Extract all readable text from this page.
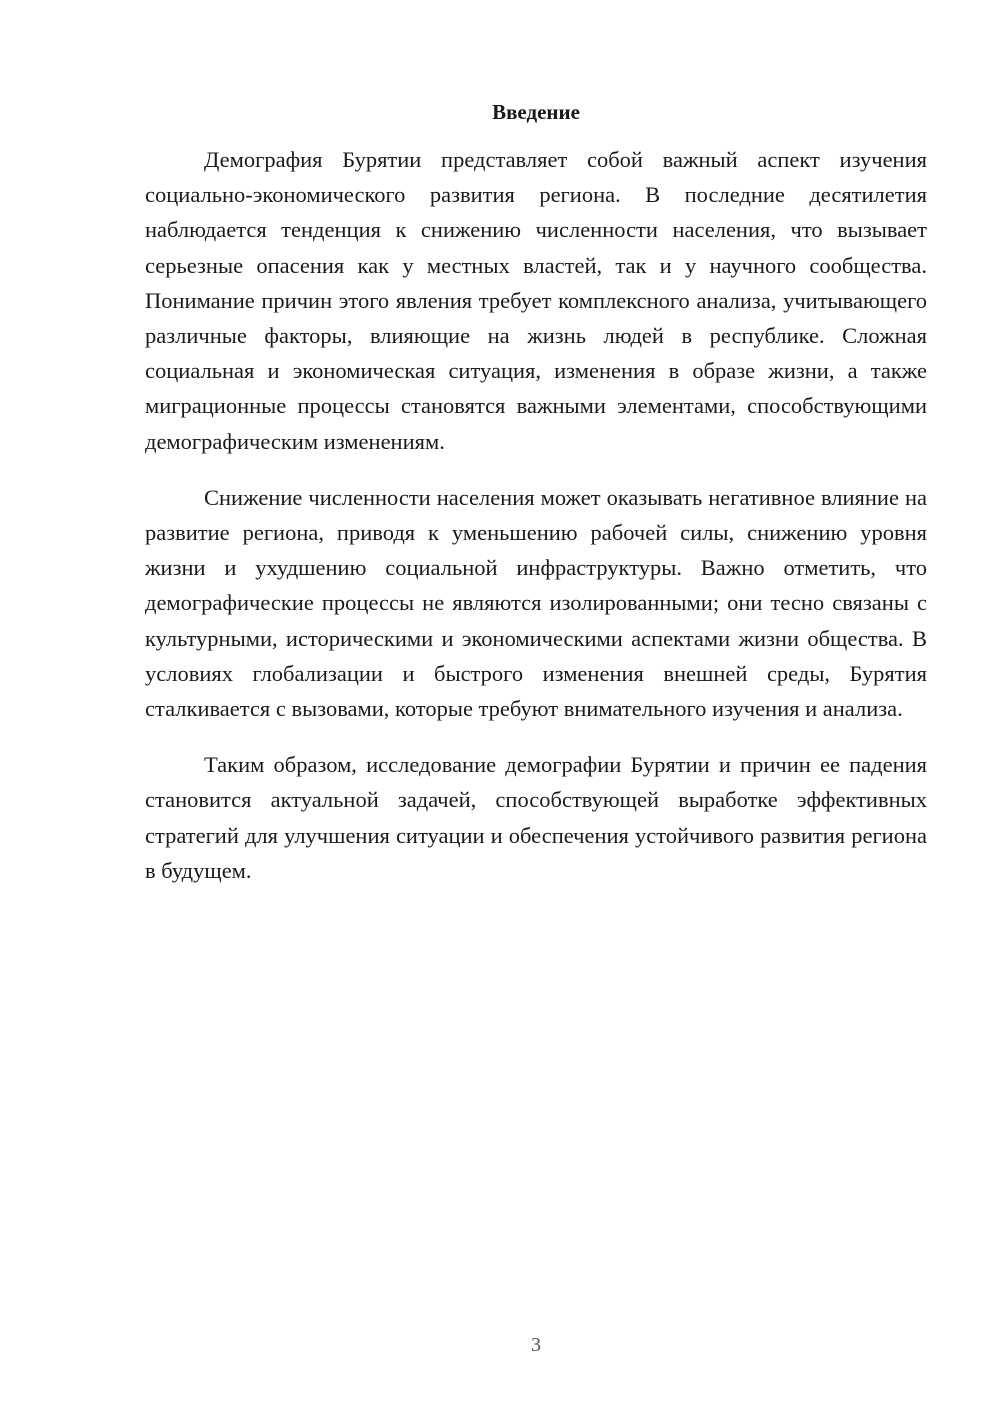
Введение

Демография Бурятии представляет собой важный аспект изучения социально-экономического развития региона. В последние десятилетия наблюдается тенденция к снижению численности населения, что вызывает серьезные опасения как у местных властей, так и у научного сообщества. Понимание причин этого явления требует комплексного анализа, учитывающего различные факторы, влияющие на жизнь людей в республике. Сложная социальная и экономическая ситуация, изменения в образе жизни, а также миграционные процессы становятся важными элементами, способствующими демографическим изменениям.

Снижение численности населения может оказывать негативное влияние на развитие региона, приводя к уменьшению рабочей силы, снижению уровня жизни и ухудшению социальной инфраструктуры. Важно отметить, что демографические процессы не являются изолированными; они тесно связаны с культурными, историческими и экономическими аспектами жизни общества. В условиях глобализации и быстрого изменения внешней среды, Бурятия сталкивается с вызовами, которые требуют внимательного изучения и анализа.

Таким образом, исследование демографии Бурятии и причин ее падения становится актуальной задачей, способствующей выработке эффективных стратегий для улучшения ситуации и обеспечения устойчивого развития региона в будущем.

3
